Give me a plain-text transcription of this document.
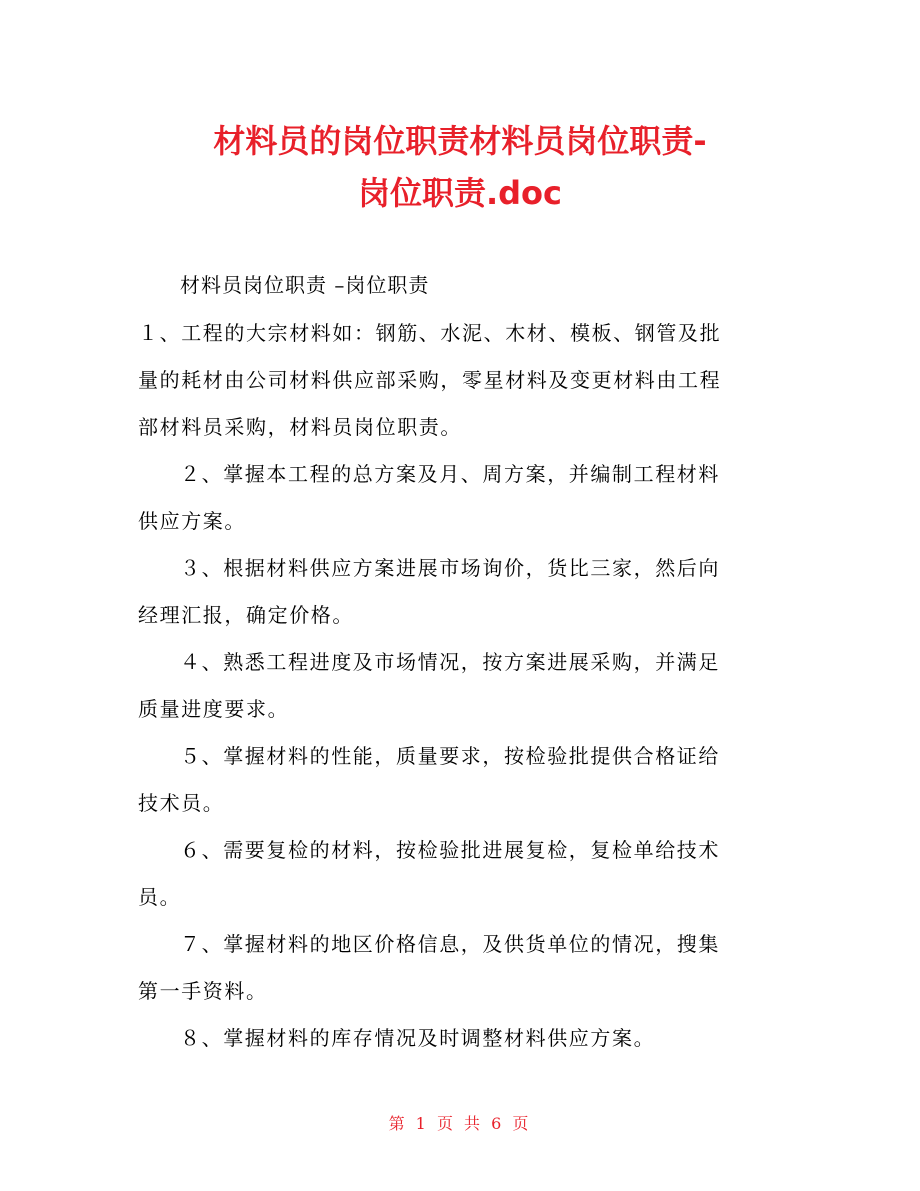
材料员的岗位职责材料员岗位职责-
岗位职责.doc
材料员岗位职责 –岗位职责
１、工程的大宗材料如：钢筋、水泥、木材、模板、钢管及批
量的耗材由公司材料供应部采购，零星材料及变更材料由工程
部材料员采购，材料员岗位职责。
２、掌握本工程的总方案及月、周方案，并编制工程材料
供应方案。
３、根据材料供应方案进展市场询价，货比三家，然后向
经理汇报，确定价格。
４、熟悉工程进度及市场情况，按方案进展采购，并满足
质量进度要求。
５、掌握材料的性能，质量要求，按检验批提供合格证给
技术员。
６、需要复检的材料，按检验批进展复检，复检单给技术
员。
７、掌握材料的地区价格信息，及供货单位的情况，搜集
第一手资料。
８、掌握材料的库存情况及时调整材料供应方案。
第 1 页 共 6 页
